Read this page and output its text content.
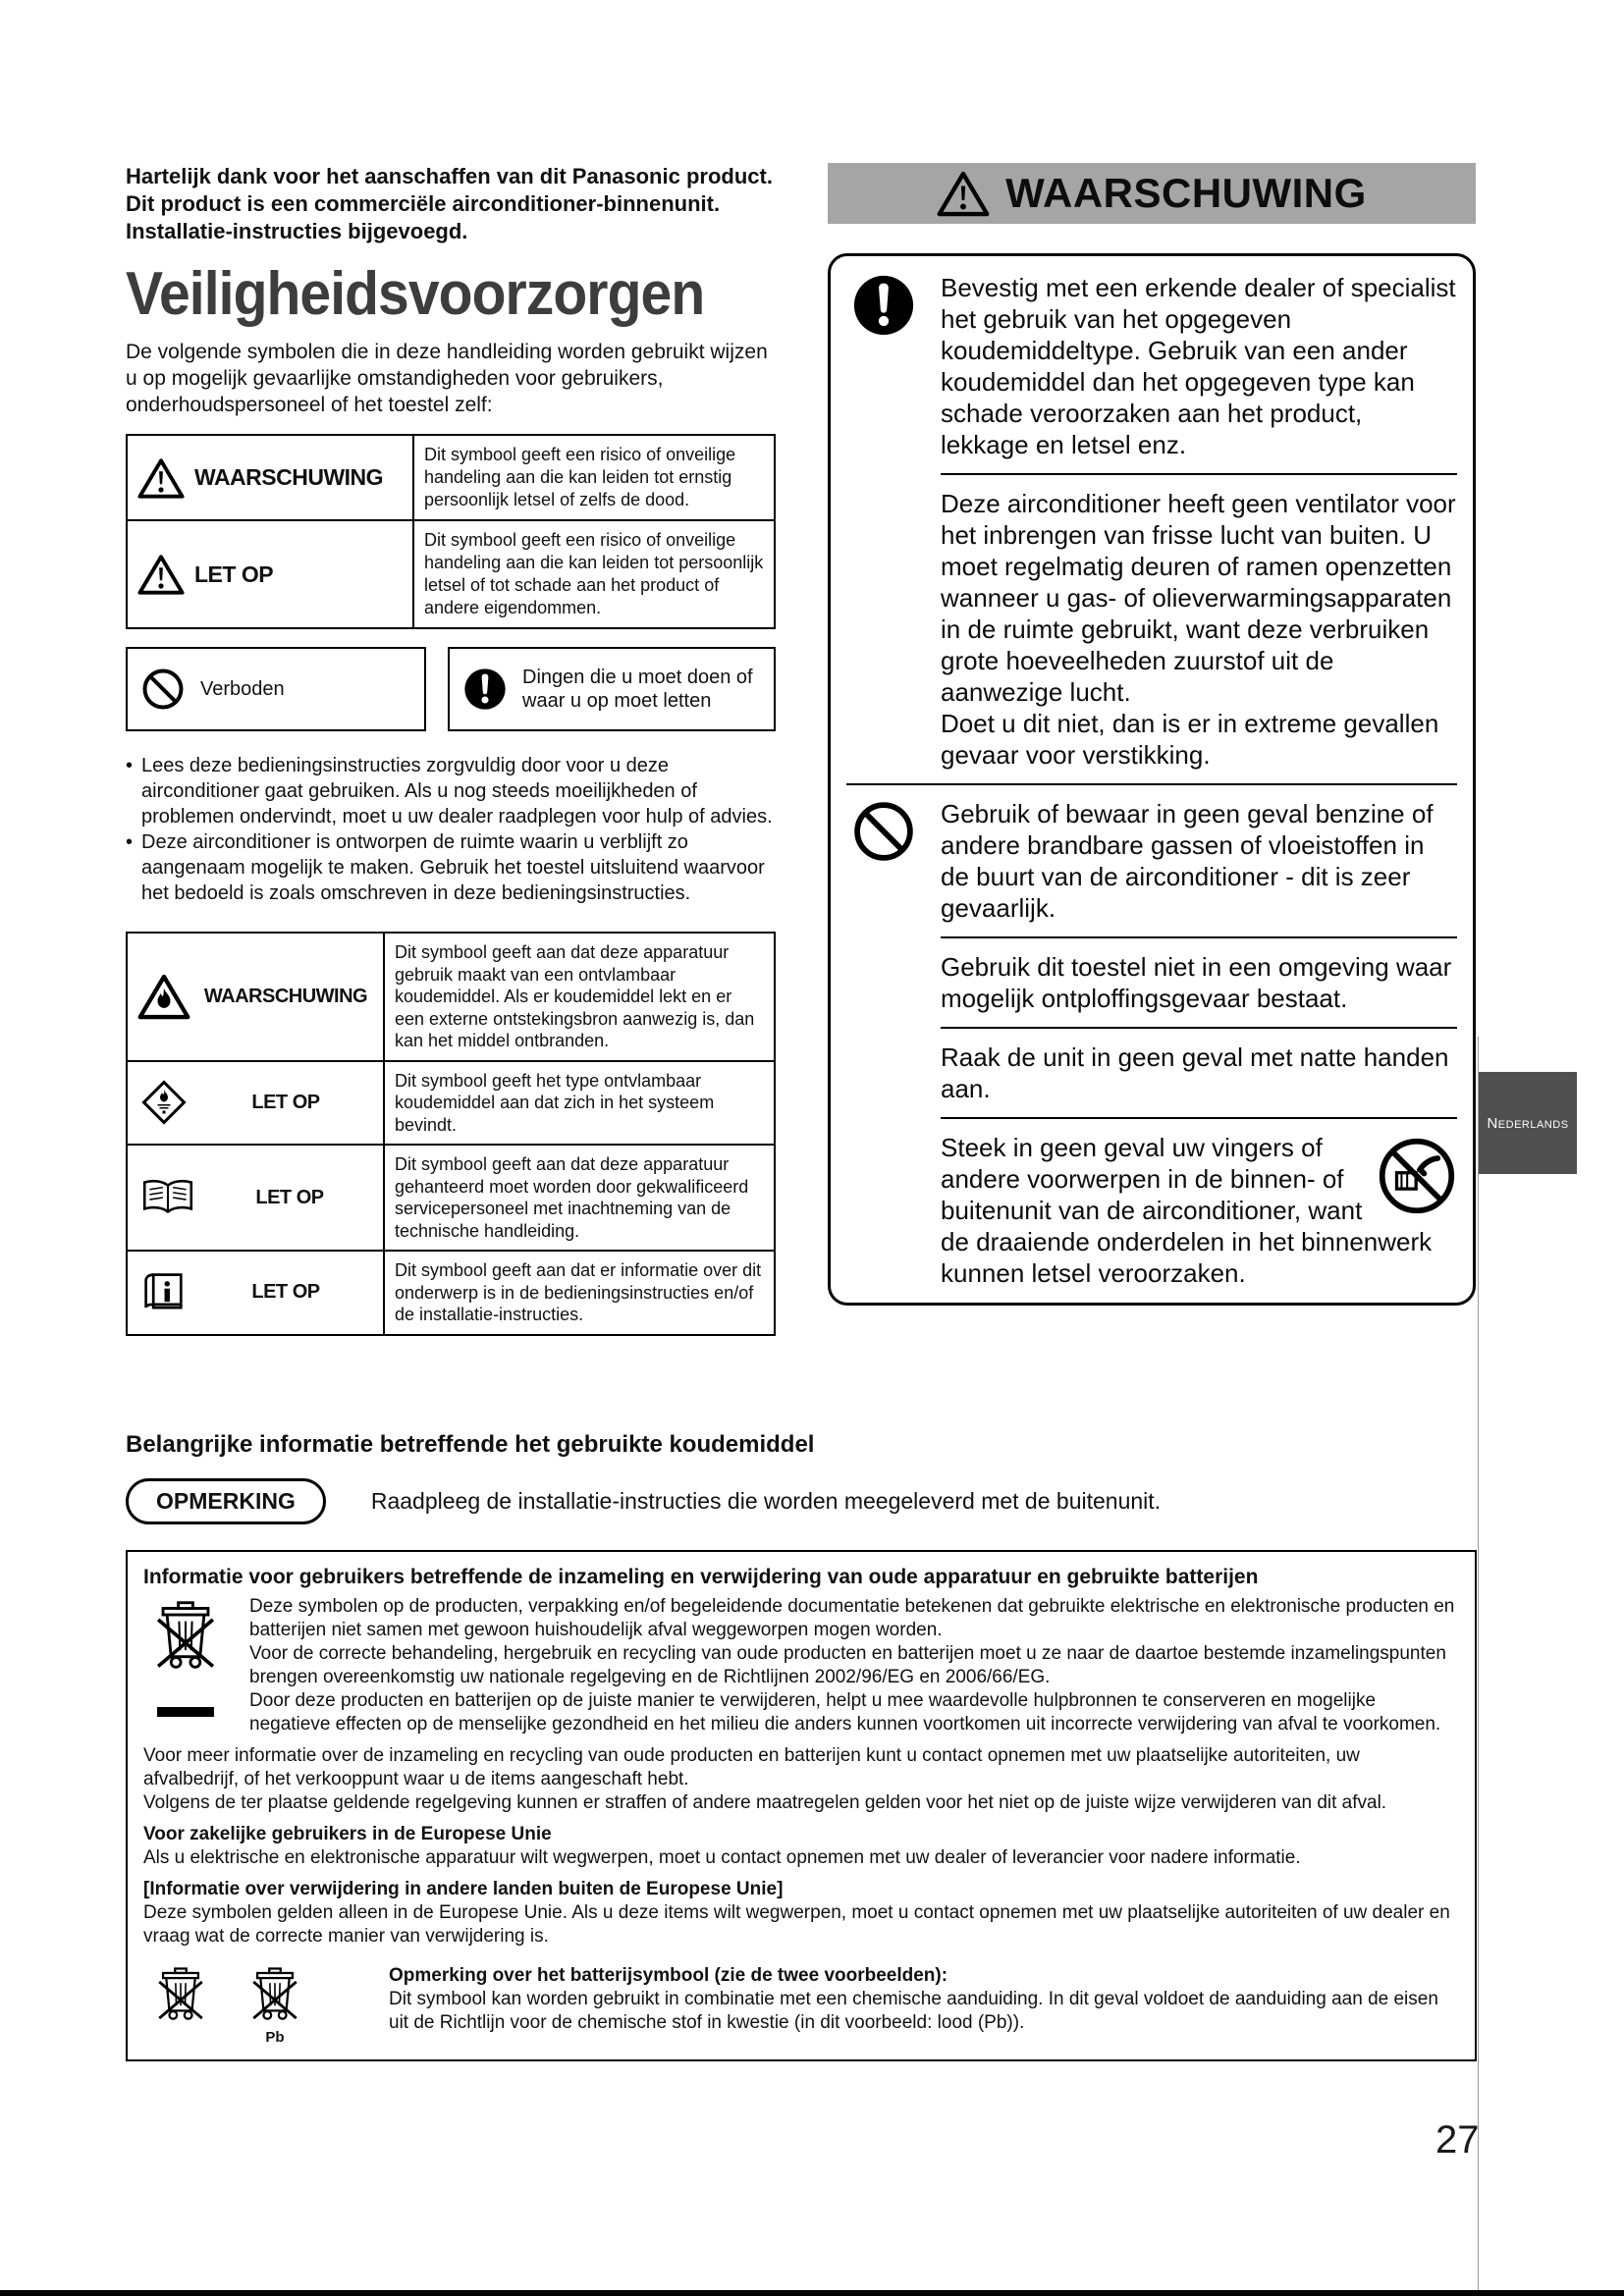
Hartelijk dank voor het aanschaffen van dit Panasonic product.

Dit product is een commerciële airconditioner-binnenunit.

Installatie-instructies bijgevoegd.

Veiligheidsvoorzorgen

De volgende symbolen die in deze handleiding worden gebruikt wijzen u op mogelijk gevaarlijke omstandigheden voor gebruikers, onderhoudspersoneel of het toestel zelf:

WAARSCHUWING	Dit symbool geeft een risico of onveilige handeling aan die kan leiden tot ernstig persoonlijk letsel of zelfs de dood.

LET OP	Dit symbool geeft een risico of onveilige handeling aan die kan leiden tot persoonlijk letsel of tot schade aan het product of andere eigendommen.
Verboden
Dingen die u moet doen of waar u op moet letten
• Lees deze bedieningsinstructies zorgvuldig door voor u deze airconditioner gaat gebruiken. Als u nog steeds moeilijkheden of problemen ondervindt, moet u uw dealer raadplegen voor hulp of advies.
• Deze airconditioner is ontworpen de ruimte waarin u verblijft zo aangenaam mogelijk te maken. Gebruik het toestel uitsluitend waarvoor het bedoeld is zoals omschreven in deze bedieningsinstructies.
WAARSCHUWING	Dit symbool geeft aan dat deze apparatuur gebruik maakt van een ontvlambaar koudemiddel. Als er koudemiddel lekt en er een externe ontstekingsbron aanwezig is, dan kan het middel ontbranden.

LET OP	Dit symbool geeft het type ontvlambaar koudemiddel aan dat zich in het systeem bevindt.

LET OP	Dit symbool geeft aan dat deze apparatuur gehanteerd moet worden door gekwalificeerd servicepersoneel met inachtneming van de technische handleiding.

LET OP	Dit symbool geeft aan dat er informatie over dit onderwerp is in de bedieningsinstructies en/of de installatie-instructies.
WAARSCHUWING

Bevestig met een erkende dealer of specialist het gebruik van het opgegeven koudemiddeltype. Gebruik van een ander koudemiddel dan het opgegeven type kan schade veroorzaken aan het product, lekkage en letsel enz.

Deze airconditioner heeft geen ventilator voor het inbrengen van frisse lucht van buiten. U moet regelmatig deuren of ramen openzetten wanneer u gas- of olieverwarmingsapparaten in de ruimte gebruikt, want deze verbruiken grote hoeveelheden zuurstof uit de aanwezige lucht.

Doet u dit niet, dan is er in extreme gevallen gevaar voor verstikking.

Gebruik of bewaar in geen geval benzine of andere brandbare gassen of vloeistoffen in de buurt van de airconditioner - dit is zeer gevaarlijk.

Gebruik dit toestel niet in een omgeving waar mogelijk ontploffingsgevaar bestaat.

Raak de unit in geen geval met natte handen aan.

Steek in geen geval uw vingers of andere voorwerpen in de binnen- of buitenunit van de airconditioner, want de draaiende onderdelen in het binnenwerk kunnen letsel veroorzaken.

Nederlands
Belangrijke informatie betreffende het gebruikte koudemiddel
OPMERKING	Raadpleeg de installatie-instructies die worden meegeleverd met de buitenunit.

Informatie voor gebruikers betreffende de inzameling en verwijdering van oude apparatuur en gebruikte batterijen

Deze symbolen op de producten, verpakking en/of begeleidende documentatie betekenen dat gebruikte elektrische en elektronische producten en batterijen niet samen met gewoon huishoudelijk afval weggeworpen mogen worden.

Voor de correcte behandeling, hergebruik en recycling van oude producten en batterijen moet u ze naar de daartoe bestemde inzamelingspunten brengen overeenkomstig uw nationale regelgeving en de Richtlijnen 2002/96/EG en 2006/66/EG.

Door deze producten en batterijen op de juiste manier te verwijderen, helpt u mee waardevolle hulpbronnen te conserveren en mogelijke negatieve effecten op de menselijke gezondheid en het milieu die anders kunnen voortkomen uit incorrecte verwijdering van afval te voorkomen.

Voor meer informatie over de inzameling en recycling van oude producten en batterijen kunt u contact opnemen met uw plaatselijke autoriteiten, uw afvalbedrijf, of het verkooppunt waar u de items aangeschaft hebt.

Volgens de ter plaatse geldende regelgeving kunnen er straffen of andere maatregelen gelden voor het niet op de juiste wijze verwijderen van dit afval.

Voor zakelijke gebruikers in de Europese Unie

Als u elektrische en elektronische apparatuur wilt wegwerpen, moet u contact opnemen met uw dealer of leverancier voor nadere informatie.

[Informatie over verwijdering in andere landen buiten de Europese Unie]

Deze symbolen gelden alleen in de Europese Unie. Als u deze items wilt wegwerpen, moet u contact opnemen met uw plaatselijke autoriteiten of uw dealer en vraag wat de correcte manier van verwijdering is.

Pb

Opmerking over het batterijsymbool (zie de twee voorbeelden):

Dit symbool kan worden gebruikt in combinatie met een chemische aanduiding. In dit geval voldoet de aanduiding aan de eisen uit de Richtlijn voor de chemische stof in kwestie (in dit voorbeeld: lood (Pb)).

27
